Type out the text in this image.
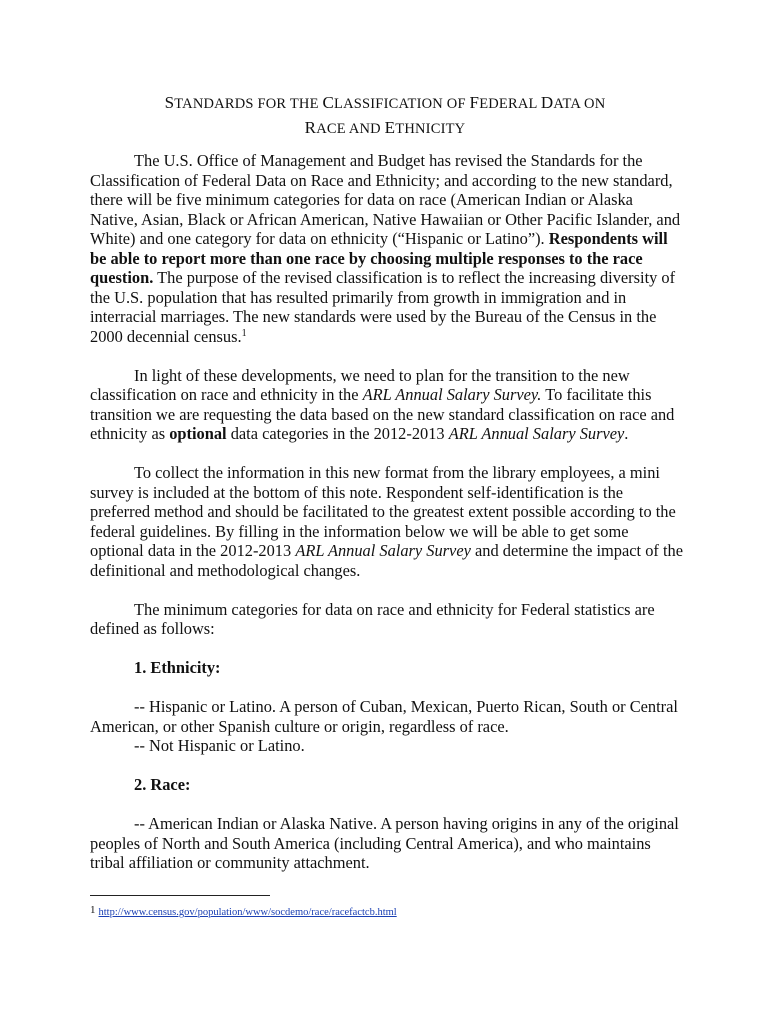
STANDARDS FOR THE CLASSIFICATION OF FEDERAL DATA ON
RACE AND ETHNICITY

The U.S. Office of Management and Budget has revised the Standards for the Classification of Federal Data on Race and Ethnicity; and according to the new standard, there will be five minimum categories for data on race (American Indian or Alaska Native, Asian, Black or African American, Native Hawaiian or Other Pacific Islander, and White) and one category for data on ethnicity (“Hispanic or Latino”). Respondents will be able to report more than one race by choosing multiple responses to the race question. The purpose of the revised classification is to reflect the increasing diversity of the U.S. population that has resulted primarily from growth in immigration and in interracial marriages. The new standards were used by the Bureau of the Census in the 2000 decennial census.$^1$

In light of these developments, we need to plan for the transition to the new classification on race and ethnicity in the ARL Annual Salary Survey. To facilitate this transition we are requesting the data based on the new standard classification on race and ethnicity as optional data categories in the 2012-2013 ARL Annual Salary Survey.

To collect the information in this new format from the library employees, a mini survey is included at the bottom of this note. Respondent self-identification is the preferred method and should be facilitated to the greatest extent possible according to the federal guidelines. By filling in the information below we will be able to get some optional data in the 2012-2013 ARL Annual Salary Survey and determine the impact of the definitional and methodological changes.

The minimum categories for data on race and ethnicity for Federal statistics are defined as follows:

1. Ethnicity:

-- Hispanic or Latino. A person of Cuban, Mexican, Puerto Rican, South or Central American, or other Spanish culture or origin, regardless of race.

-- Not Hispanic or Latino.

2. Race:

-- American Indian or Alaska Native. A person having origins in any of the original peoples of North and South America (including Central America), and who maintains tribal affiliation or community attachment.

1 http://www.census.gov/population/www/socdemo/race/racefactcb.html
